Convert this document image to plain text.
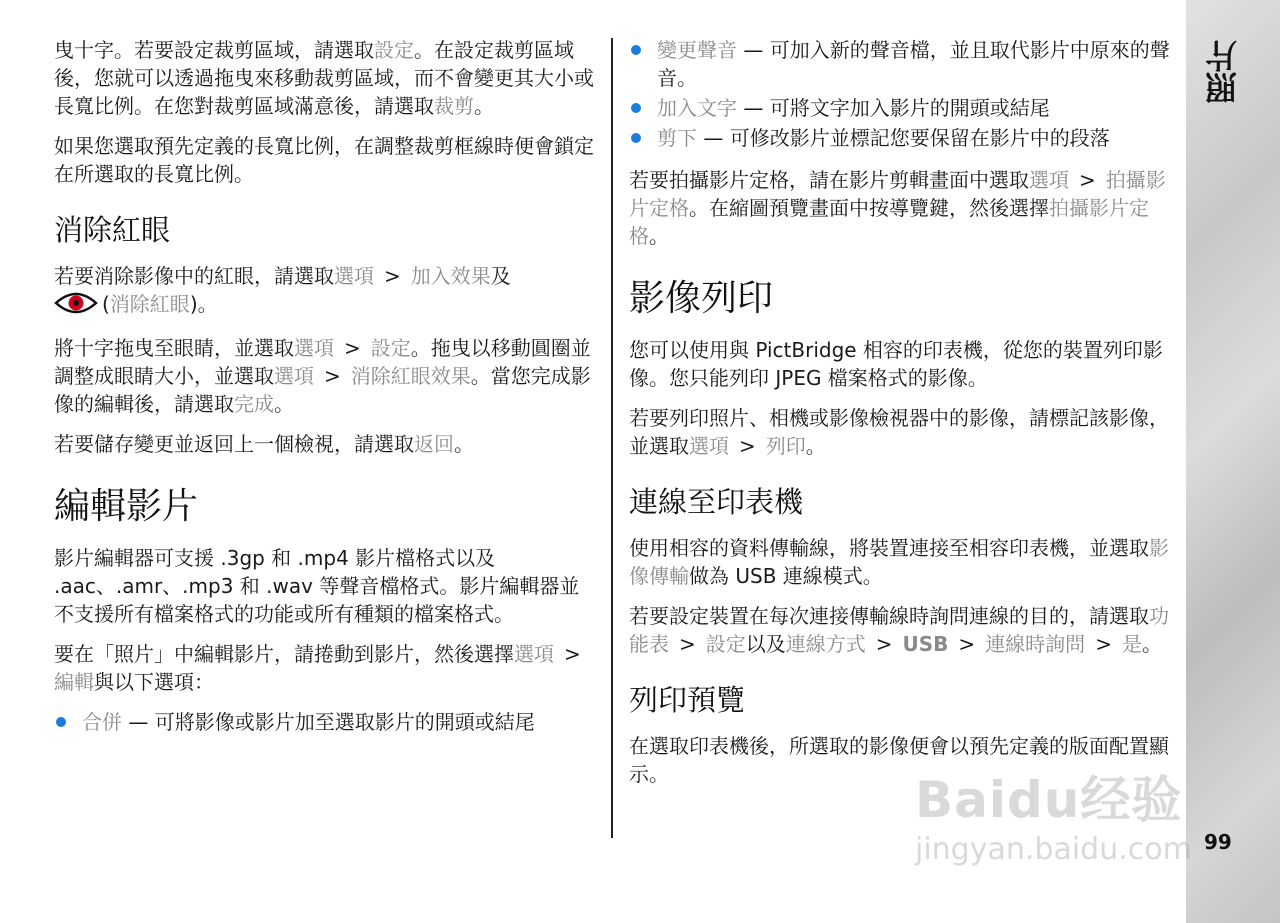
曳十字。若要設定裁剪區域，請選取設定。在設定裁剪區域後，您就可以透過拖曳來移動裁剪區域，而不會變更其大小或長寬比例。在您對裁剪區域滿意後，請選取裁剪。

如果您選取預先定義的長寬比例，在調整裁剪框線時便會鎖定在所選取的長寬比例。

消除紅眼

若要消除影像中的紅眼，請選取選項 > 加入效果及
(消除紅眼)。

將十字拖曳至眼睛，並選取選項 > 設定。拖曳以移動圓圈並調整成眼睛大小，並選取選項 > 消除紅眼效果。當您完成影像的編輯後，請選取完成。

若要儲存變更並返回上一個檢視，請選取返回。

編輯影片

影片編輯器可支援 .3gp 和 .mp4 影片檔格式以及 .aac、.amr、.mp3 和 .wav 等聲音檔格式。影片編輯器並不支援所有檔案格式的功能或所有種類的檔案格式。

要在「照片」中編輯影片，請捲動到影片，然後選擇選項 >編輯與以下選項：

合併 — 可將影像或影片加至選取影片的開頭或結尾
變更聲音 — 可加入新的聲音檔，並且取代影片中原來的聲音。
加入文字 — 可將文字加入影片的開頭或結尾
剪下 — 可修改影片並標記您要保留在影片中的段落

若要拍攝影片定格，請在影片剪輯畫面中選取選項 > 拍攝影片定格。在縮圖預覽畫面中按導覽鍵，然後選擇拍攝影片定格。

影像列印

您可以使用與 PictBridge 相容的印表機，從您的裝置列印影像。您只能列印 JPEG 檔案格式的影像。

若要列印照片、相機或影像檢視器中的影像，請標記該影像，並選取選項 > 列印。

連線至印表機

使用相容的資料傳輸線，將裝置連接至相容印表機，並選取影像傳輸做為 USB 連線模式。

若要設定裝置在每次連接傳輸線時詢問連線的目的，請選取功能表 > 設定以及連線方式 > USB > 連線時詢問 > 是。

列印預覽

在選取印表機後，所選取的影像便會以預先定義的版面配置顯示。

照片
99
Baidu经验
jingyan.baidu.com
